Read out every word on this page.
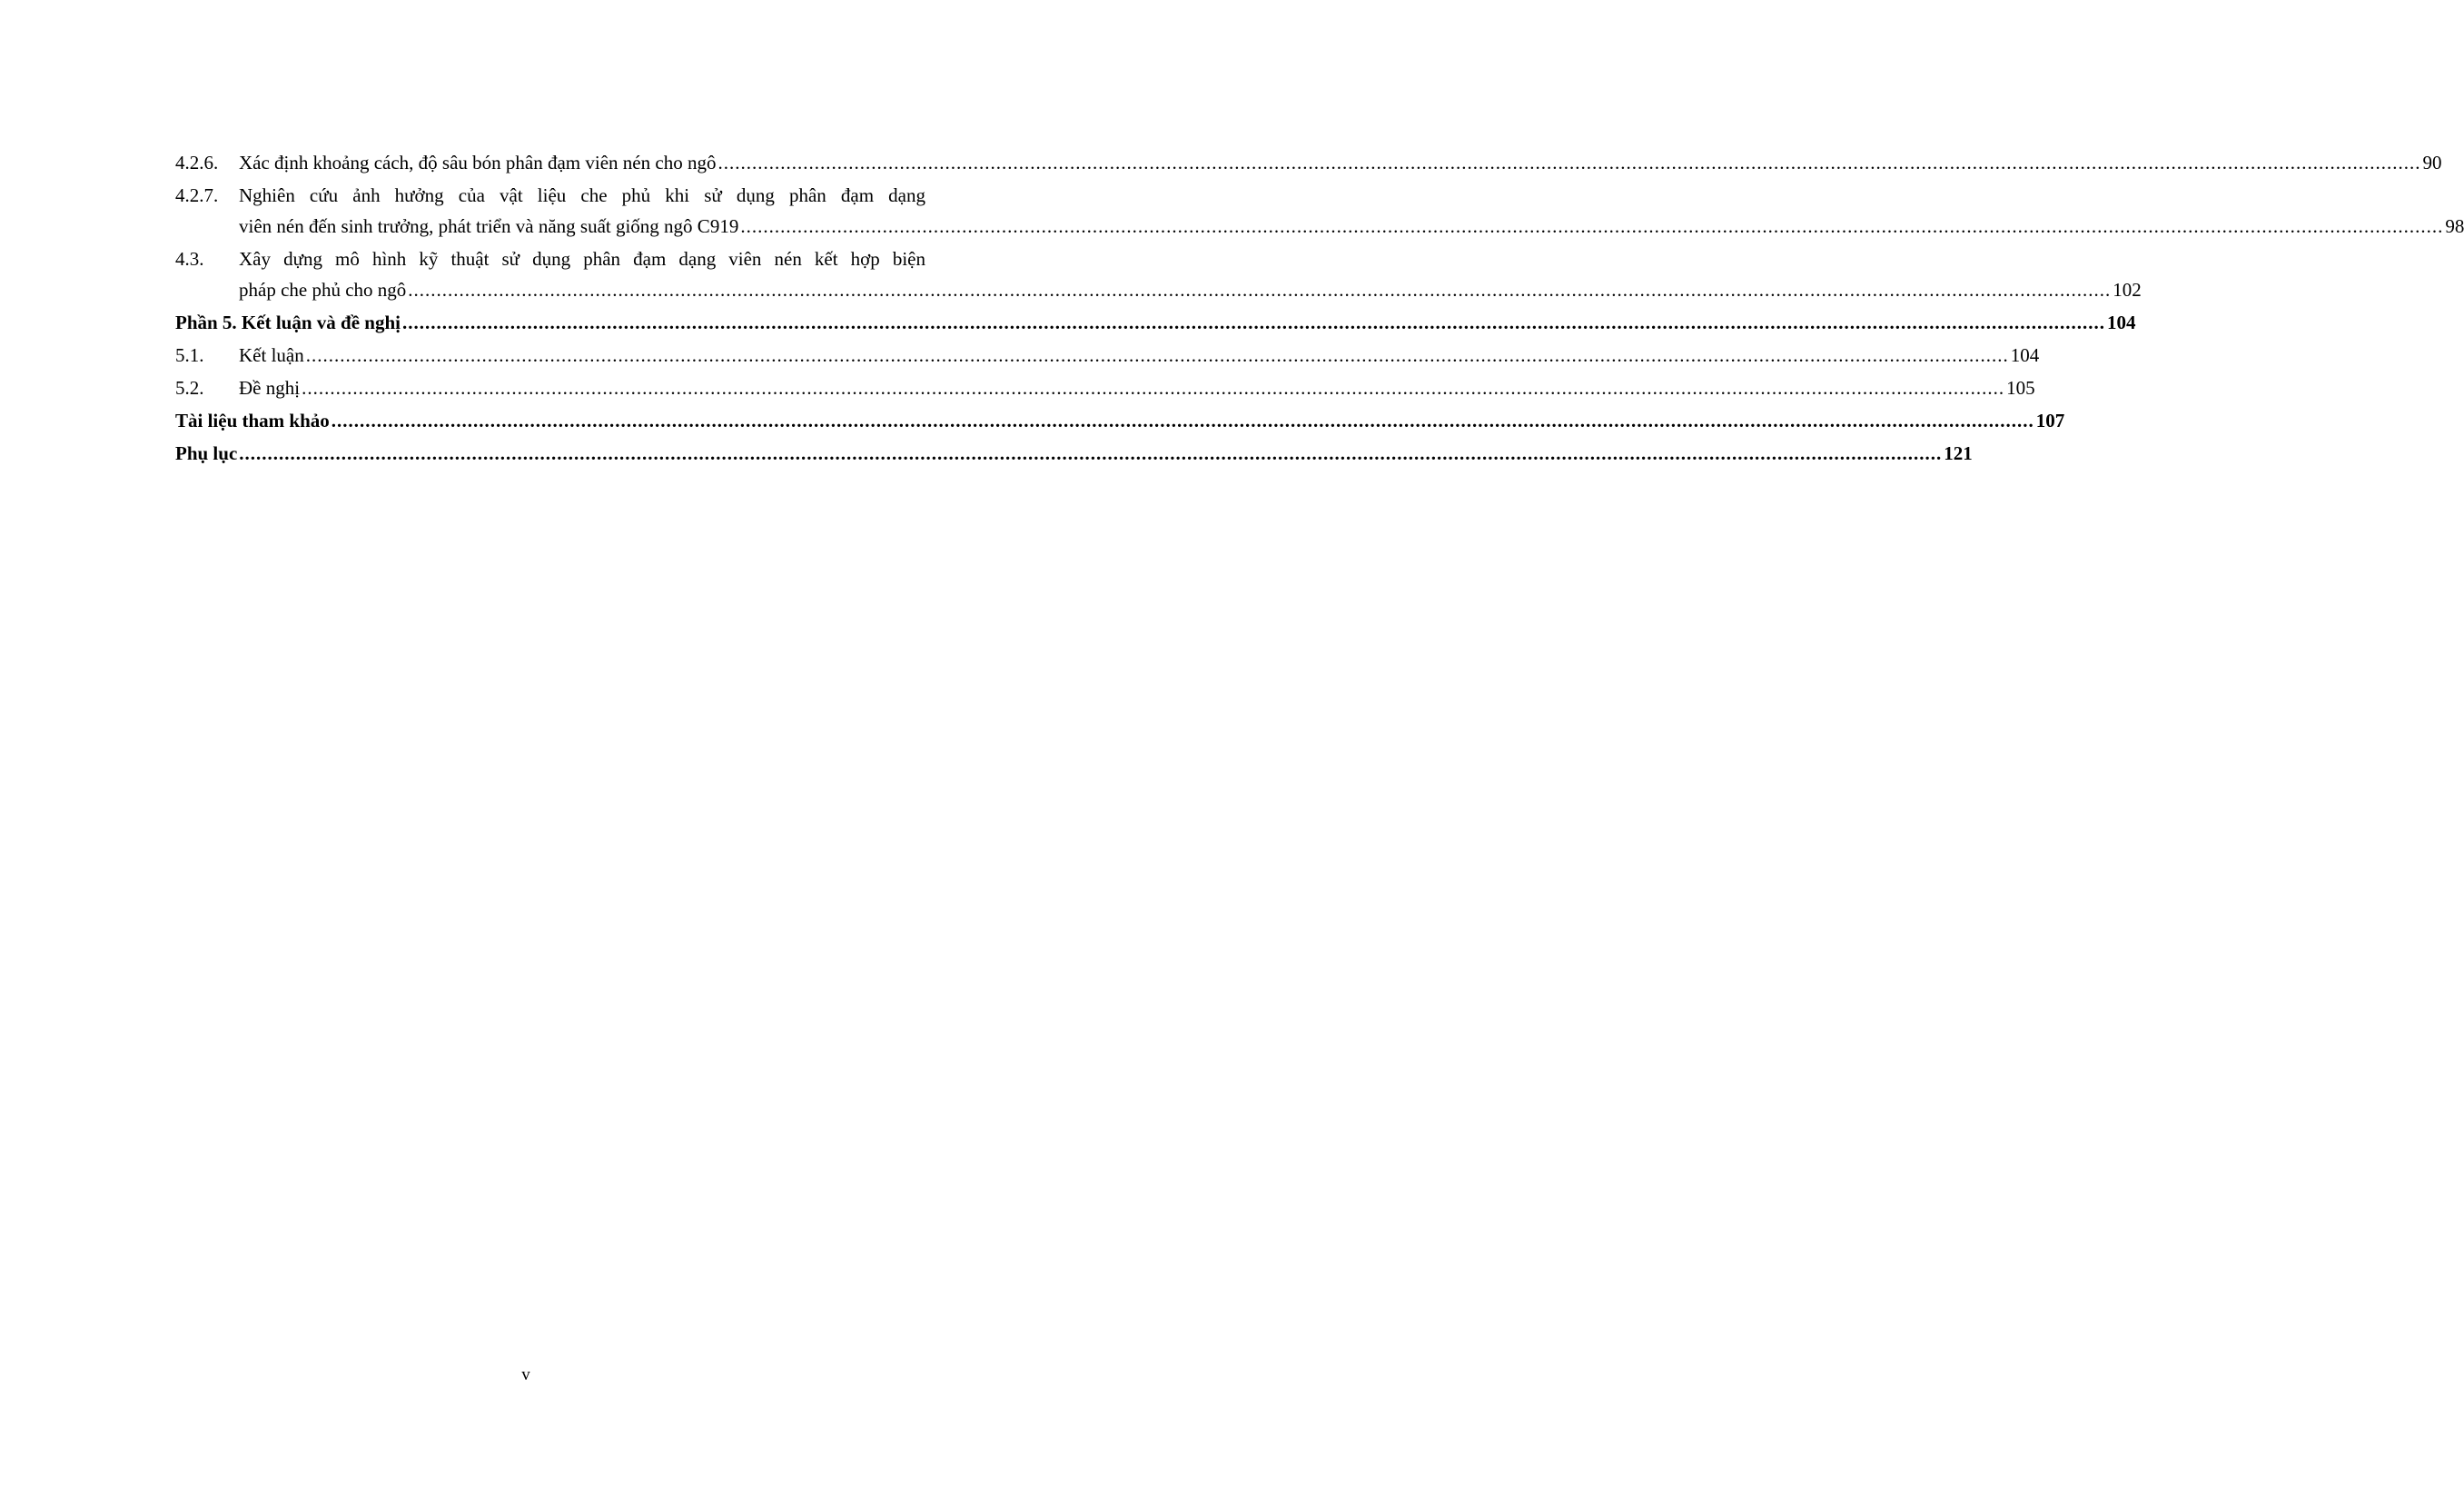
4.2.6.	Xác định khoảng cách, độ sâu bón phân đạm viên nén cho ngô ............................................................................................................................................................................................................................................................................................................ 90
4.2.7.	Nghiên cứu ảnh hưởng của vật liệu che phủ khi sử dụng phân đạm dạng
viên nén đến sinh trưởng, phát triển và năng suất giống ngô C919 ............................................................................................................................................................................................................................................................................................................ 98
4.3.	Xây dựng mô hình kỹ thuật sử dụng phân đạm dạng viên nén kết hợp biện
pháp che phủ cho ngô ............................................................................................................................................................................................................................................................................................................ 102
Phần 5. Kết luận và đề nghị ............................................................................................................................................................................................................................................................................................................ 104
5.1.	Kết luận ............................................................................................................................................................................................................................................................................................................ 104
5.2.	Đề nghị ............................................................................................................................................................................................................................................................................................................ 105
Tài liệu tham khảo ............................................................................................................................................................................................................................................................................................................ 107
Phụ lục ............................................................................................................................................................................................................................................................................................................ 121
v
